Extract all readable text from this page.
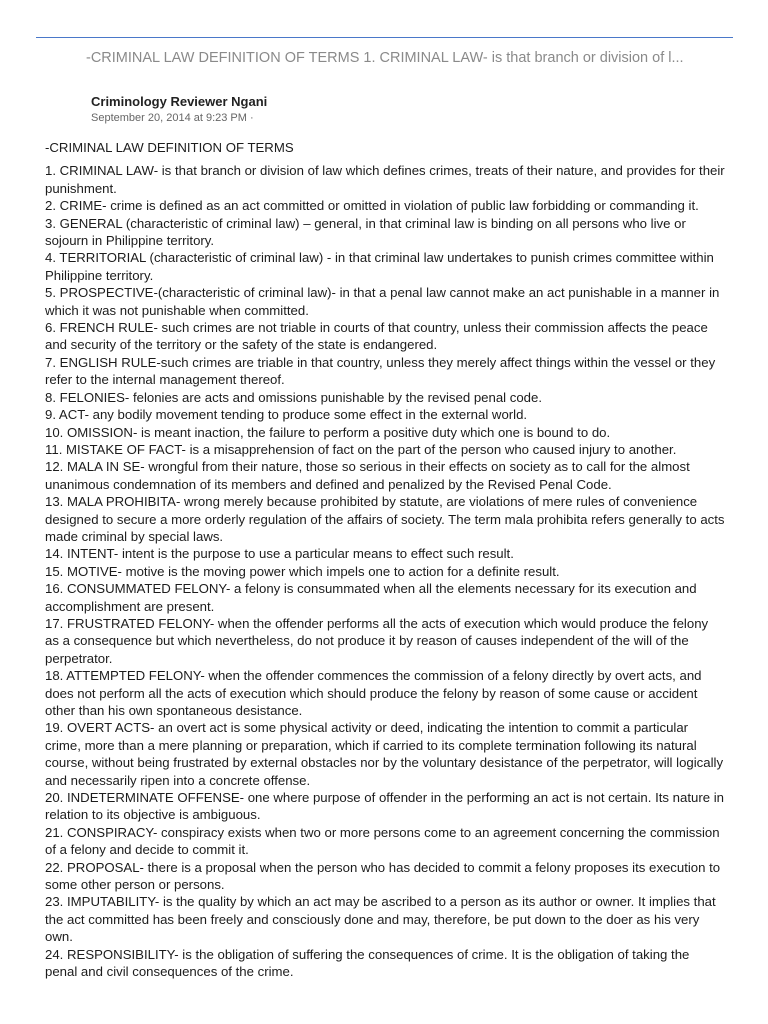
-CRIMINAL LAW DEFINITION OF TERMS 1. CRIMINAL LAW- is that branch or division of l...
Criminology Reviewer Ngani
September 20, 2014 at 9:23 PM ·

-CRIMINAL LAW DEFINITION OF TERMS

1. CRIMINAL LAW- is that branch or division of law which defines crimes, treats of their nature, and provides for their punishment.

2. CRIME- crime is defined as an act committed or omitted in violation of public law forbidding or commanding it.

3. GENERAL (characteristic of criminal law) – general, in that criminal law is binding on all persons who live or sojourn in Philippine territory.

4. TERRITORIAL (characteristic of criminal law) - in that criminal law undertakes to punish crimes committee within Philippine territory.

5. PROSPECTIVE-(characteristic of criminal law)- in that a penal law cannot make an act punishable in a manner in which it was not punishable when committed.

6. FRENCH RULE- such crimes are not triable in courts of that country, unless their commission affects the peace and security of the territory or the safety of the state is endangered.

7. ENGLISH RULE-such crimes are triable in that country, unless they merely affect things within the vessel or they refer to the internal management thereof.

8. FELONIES- felonies are acts and omissions punishable by the revised penal code.

9. ACT- any bodily movement tending to produce some effect in the external world.

10. OMISSION- is meant inaction, the failure to perform a positive duty which one is bound to do.

11. MISTAKE OF FACT- is a misapprehension of fact on the part of the person who caused injury to another.

12. MALA IN SE- wrongful from their nature, those so serious in their effects on society as to call for the almost unanimous condemnation of its members and defined and penalized by the Revised Penal Code.

13. MALA PROHIBITA- wrong merely because prohibited by statute, are violations of mere rules of convenience designed to secure a more orderly regulation of the affairs of society. The term mala prohibita refers generally to acts made criminal by special laws.

14. INTENT- intent is the purpose to use a particular means to effect such result.

15. MOTIVE- motive is the moving power which impels one to action for a definite result.

16. CONSUMMATED FELONY- a felony is consummated when all the elements necessary for its execution and accomplishment are present.

17. FRUSTRATED FELONY- when the offender performs all the acts of execution which would produce the felony as a consequence but which nevertheless, do not produce it by reason of causes independent of the will of the perpetrator.

18. ATTEMPTED FELONY- when the offender commences the commission of a felony directly by overt acts, and does not perform all the acts of execution which should produce the felony by reason of some cause or accident other than his own spontaneous desistance.

19. OVERT ACTS- an overt act is some physical activity or deed, indicating the intention to commit a particular crime, more than a mere planning or preparation, which if carried to its complete termination following its natural course, without being frustrated by external obstacles nor by the voluntary desistance of the perpetrator, will logically and necessarily ripen into a concrete offense.

20. INDETERMINATE OFFENSE- one where purpose of offender in the performing an act is not certain. Its nature in relation to its objective is ambiguous.

21. CONSPIRACY- conspiracy exists when two or more persons come to an agreement concerning the commission of a felony and decide to commit it.

22. PROPOSAL- there is a proposal when the person who has decided to commit a felony proposes its execution to some other person or persons.

23. IMPUTABILITY- is the quality by which an act may be ascribed to a person as its author or owner. It implies that the act committed has been freely and consciously done and may, therefore, be put down to the doer as his very own.

24. RESPONSIBILITY- is the obligation of suffering the consequences of crime. It is the obligation of taking the penal and civil consequences of the crime.
